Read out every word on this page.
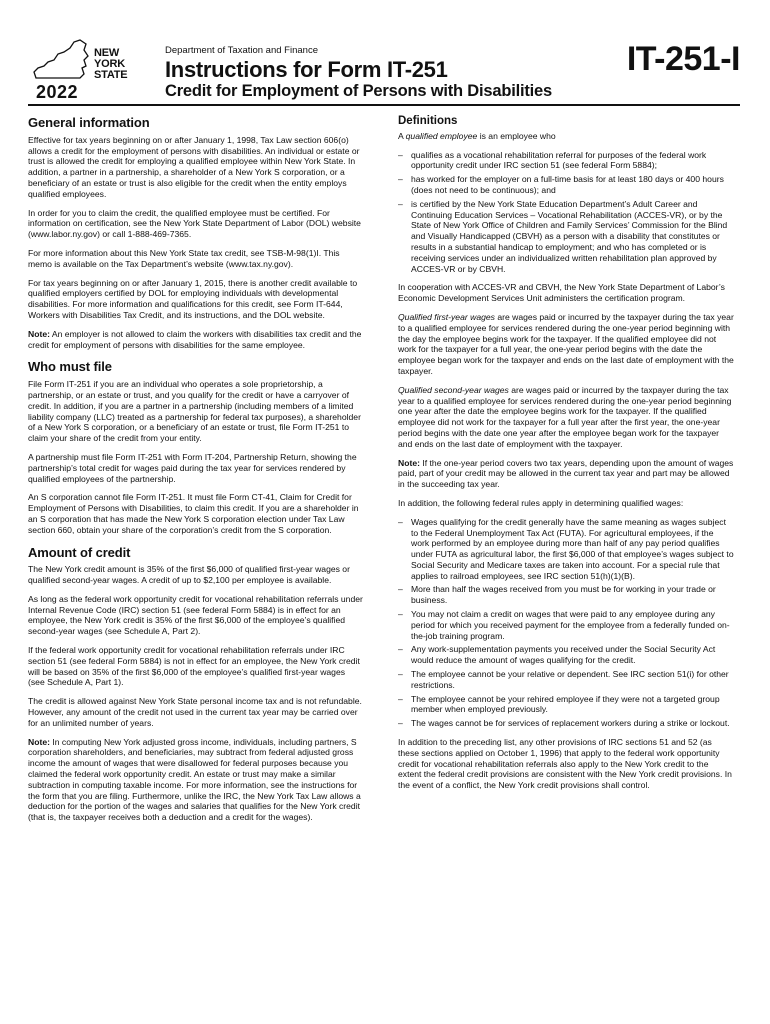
NEW
YORK
STATE
2022
Department of Taxation and Finance
Instructions for Form IT-251
Credit for Employment of Persons with Disabilities
IT-251-I
General information

Effective for tax years beginning on or after January 1, 1998, Tax Law section 606(o) allows a credit for the employment of persons with disabilities. An individual or estate or trust is allowed the credit for employing a qualified employee within New York State. In addition, a partner in a partnership, a shareholder of a New York S corporation, or a beneficiary of an estate or trust is also eligible for the credit when the entity employs qualified employees.

In order for you to claim the credit, the qualified employee must be certified. For information on certification, see the New York State Department of Labor (DOL) website (www.labor.ny.gov) or call 1-888-469-7365.

For more information about this New York State tax credit, see TSB-M-98(1)I. This memo is available on the Tax Department’s website (www.tax.ny.gov).

For tax years beginning on or after January 1, 2015, there is another credit available to qualified employers certified by DOL for employing individuals with developmental disabilities. For more information and qualifications for this credit, see Form IT-644, Workers with Disabilities Tax Credit, and its instructions, and the DOL website.

Note: An employer is not allowed to claim the workers with disabilities tax credit and the credit for employment of persons with disabilities for the same employee.

Who must file

File Form IT-251 if you are an individual who operates a sole proprietorship, a partnership, or an estate or trust, and you qualify for the credit or have a carryover of credit. In addition, if you are a partner in a partnership (including members of a limited liability company (LLC) treated as a partnership for federal tax purposes), a shareholder of a New York S corporation, or a beneficiary of an estate or trust, file Form IT-251 to claim your share of the credit from your entity.

A partnership must file Form IT-251 with Form IT-204, Partnership Return, showing the partnership’s total credit for wages paid during the tax year for services rendered by qualified employees of the partnership.

An S corporation cannot file Form IT-251. It must file Form CT-41, Claim for Credit for Employment of Persons with Disabilities, to claim this credit. If you are a shareholder in an S corporation that has made the New York S corporation election under Tax Law section 660, obtain your share of the corporation’s credit from the S corporation.

Amount of credit

The New York credit amount is 35% of the first $6,000 of qualified first-year wages or qualified second-year wages. A credit of up to $2,100 per employee is available.

As long as the federal work opportunity credit for vocational rehabilitation referrals under Internal Revenue Code (IRC) section 51 (see federal Form 5884) is in effect for an employee, the New York credit is 35% of the first $6,000 of the employee’s qualified second-year wages (see Schedule A, Part 2).

If the federal work opportunity credit for vocational rehabilitation referrals under IRC section 51 (see federal Form 5884) is not in effect for an employee, the New York credit will be based on 35% of the first $6,000 of the employee’s qualified first-year wages (see Schedule A, Part 1).

The credit is allowed against New York State personal income tax and is not refundable. However, any amount of the credit not used in the current tax year may be carried over for an unlimited number of years.

Note: In computing New York adjusted gross income, individuals, including partners, S corporation shareholders, and beneficiaries, may subtract from federal adjusted gross income the amount of wages that were disallowed for federal purposes because you claimed the federal work opportunity credit. An estate or trust may make a similar subtraction in computing taxable income. For more information, see the instructions for the form that you are filing. Furthermore, unlike the IRC, the New York Tax Law allows a deduction for the portion of the wages and salaries that qualifies for the New York credit (that is, the taxpayer receives both a deduction and a credit for the wages).

Definitions

A qualified employee is an employee who

– qualifies as a vocational rehabilitation referral for purposes of the federal work opportunity credit under IRC section 51 (see federal Form 5884);
– has worked for the employer on a full-time basis for at least 180 days or 400 hours (does not need to be continuous); and
– is certified by the New York State Education Department’s Adult Career and Continuing Education Services – Vocational Rehabilitation (ACCES-VR), or by the State of New York Office of Children and Family Services’ Commission for the Blind and Visually Handicapped (CBVH) as a person with a disability that constitutes or results in a substantial handicap to employment; and who has completed or is receiving services under an individualized written rehabilitation plan approved by ACCES-VR or by CBVH.

In cooperation with ACCES-VR and CBVH, the New York State Department of Labor’s Economic Development Services Unit administers the certification program.

Qualified first-year wages are wages paid or incurred by the taxpayer during the tax year to a qualified employee for services rendered during the one-year period beginning with the day the employee begins work for the taxpayer. If the qualified employee did not work for the taxpayer for a full year, the one-year period begins with the date the employee began work for the taxpayer and ends on the last date of employment with the taxpayer.

Qualified second-year wages are wages paid or incurred by the taxpayer during the tax year to a qualified employee for services rendered during the one-year period beginning one year after the date the employee begins work for the taxpayer. If the qualified employee did not work for the taxpayer for a full year after the first year, the one-year period begins with the date one year after the employee began work for the taxpayer and ends on the last date of employment with the taxpayer.

Note: If the one-year period covers two tax years, depending upon the amount of wages paid, part of your credit may be allowed in the current tax year and part may be allowed in the succeeding tax year.

In addition, the following federal rules apply in determining qualified wages:

– Wages qualifying for the credit generally have the same meaning as wages subject to the Federal Unemployment Tax Act (FUTA). For agricultural employees, if the work performed by an employee during more than half of any pay period qualifies under FUTA as agricultural labor, the first $6,000 of that employee’s wages subject to Social Security and Medicare taxes are taken into account. For a special rule that applies to railroad employees, see IRC section 51(h)(1)(B).
– More than half the wages received from you must be for working in your trade or business.
– You may not claim a credit on wages that were paid to any employee during any period for which you received payment for the employee from a federally funded on-the-job training program.
– Any work-supplementation payments you received under the Social Security Act would reduce the amount of wages qualifying for the credit.
– The employee cannot be your relative or dependent. See IRC section 51(i) for other restrictions.
– The employee cannot be your rehired employee if they were not a targeted group member when employed previously.
– The wages cannot be for services of replacement workers during a strike or lockout.

In addition to the preceding list, any other provisions of IRC sections 51 and 52 (as these sections applied on October 1, 1996) that apply to the federal work opportunity credit for vocational rehabilitation referrals also apply to the New York credit to the extent the federal credit provisions are consistent with the New York credit provisions. In the event of a conflict, the New York credit provisions shall control.
